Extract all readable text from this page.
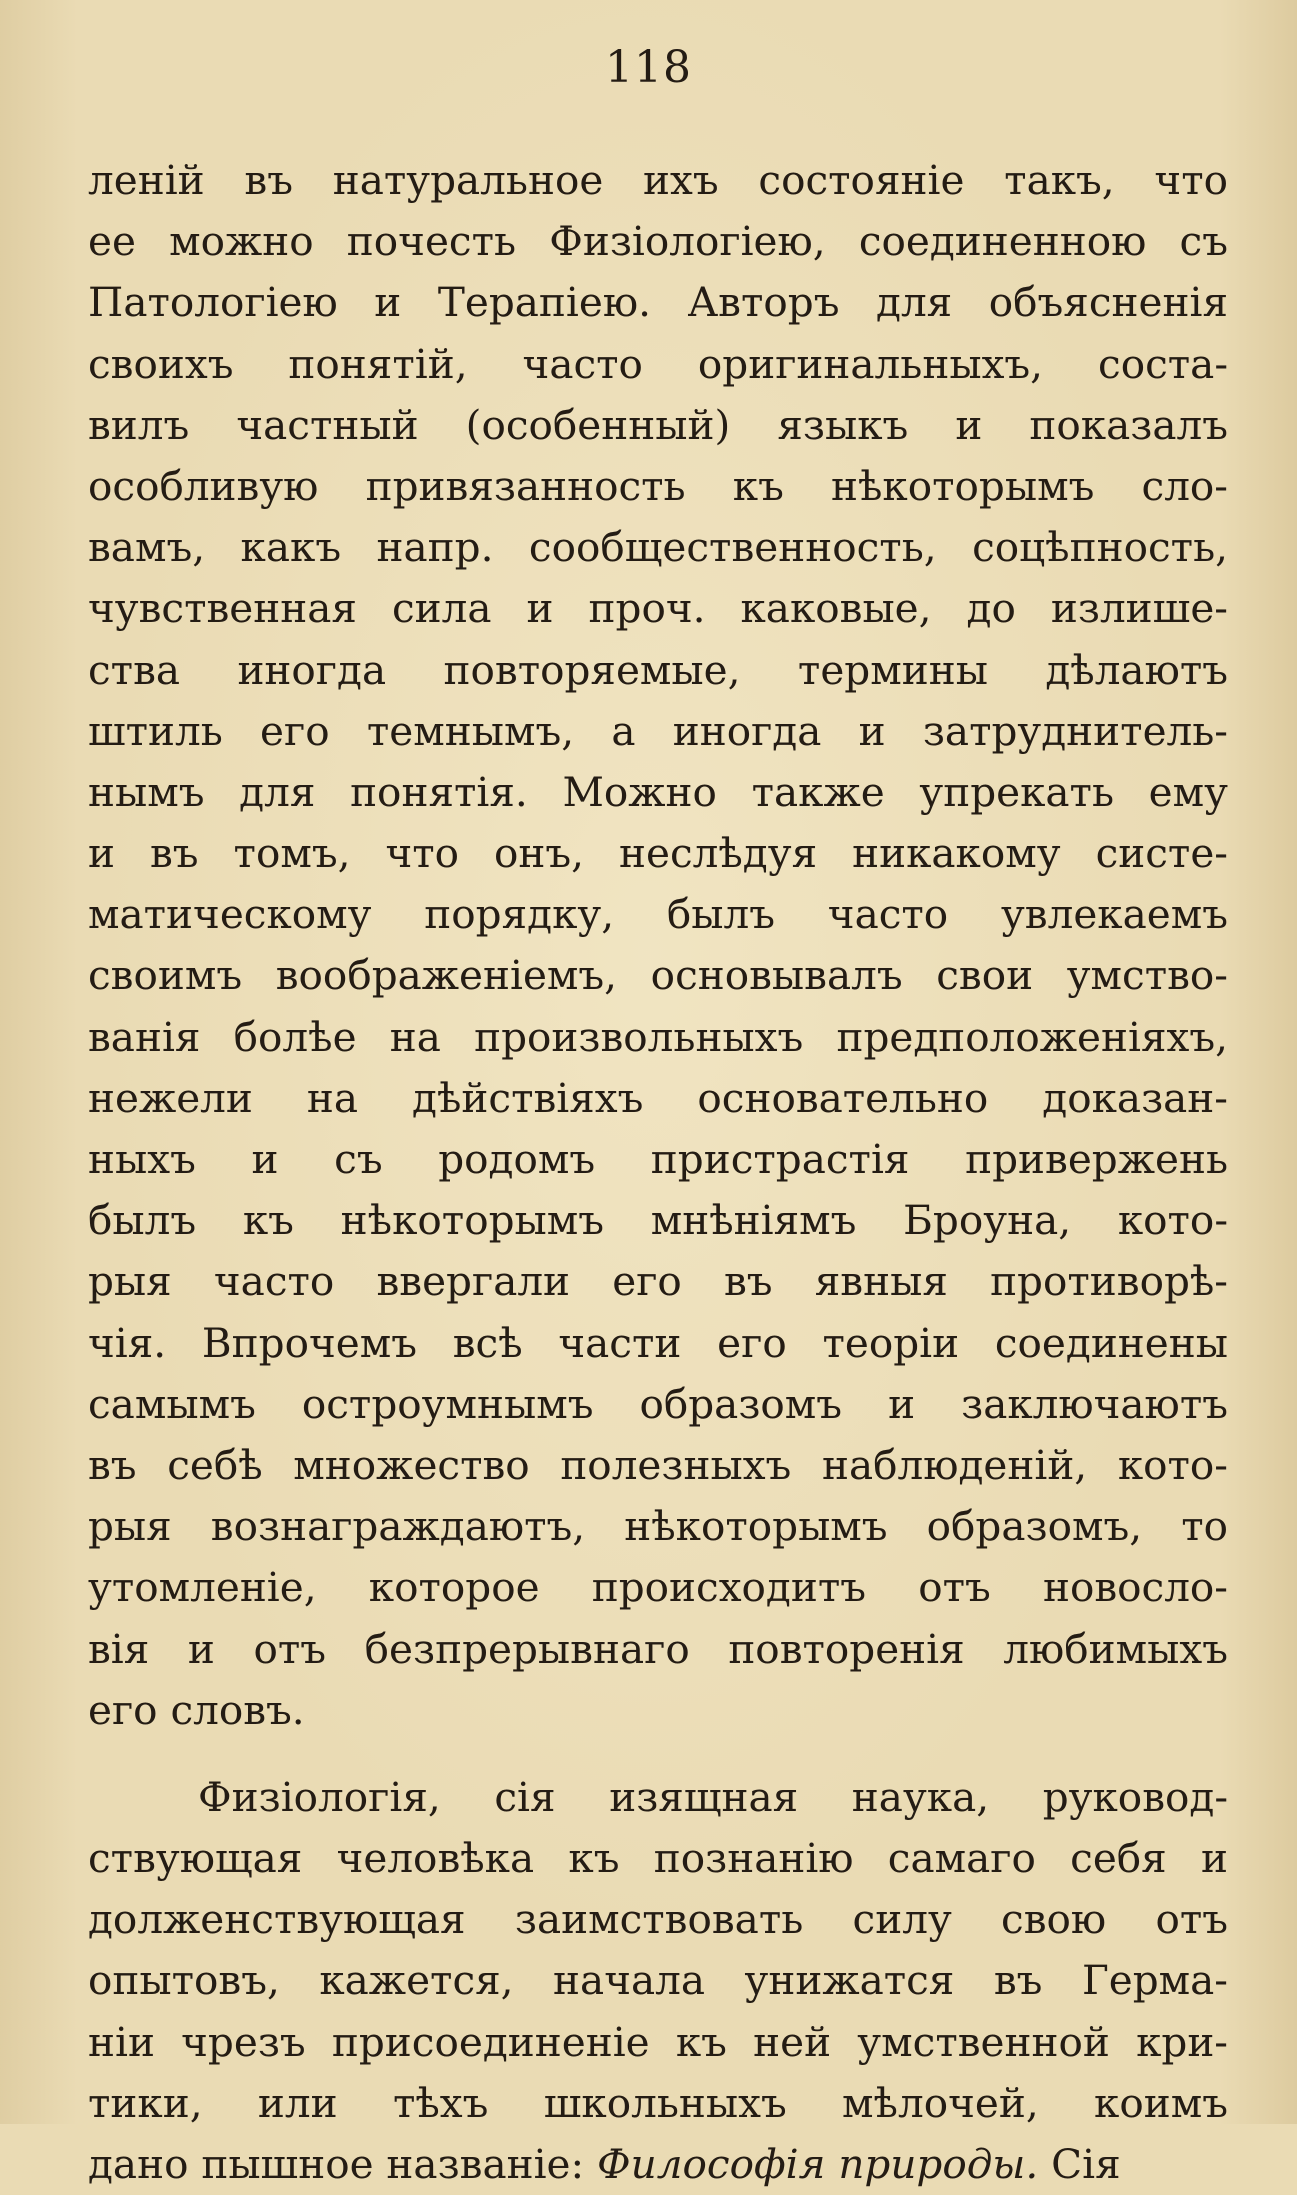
118
леній въ натуральное ихъ состояніе такъ, что
ее можно почесть Физіологіею, соединенною съ
Патологіею и Терапіею. Авторъ для объясненія
своихъ понятій, часто оригинальныхъ, соста-
вилъ частный (особенный) языкъ и показалъ
особливую привязанность къ нѣкоторымъ сло-
вамъ, какъ напр. сообщественность, соцѣпность,
чувственная сила и проч. каковые, до излише-
ства иногда повторяемые, термины дѣлаютъ
штиль его темнымъ, а иногда и затруднитель-
нымъ для понятія. Можно также упрекать ему
и въ томъ, что онъ, неслѣдуя никакому систе-
матическому порядку, былъ часто увлекаемъ
своимъ воображеніемъ, основывалъ свои умство-
ванія болѣе на произвольныхъ предположеніяхъ,
нежели на дѣйствіяхъ основательно доказан-
ныхъ и съ родомъ пристрастія привержень
былъ къ нѣкоторымъ мнѣніямъ Броуна, кото-
рыя часто ввергали его въ явныя противорѣ-
чія. Впрочемъ всѣ части его теоріи соединены
самымъ остроумнымъ образомъ и заключаютъ
въ себѣ множество полезныхъ наблюденій, кото-
рыя вознаграждаютъ, нѣкоторымъ образомъ, то
утомленіе, которое происходитъ отъ новосло-
вія и отъ безпрерывнаго повторенія любимыхъ
его словъ.
Физіологія, сія изящная наука, руковод-
ствующая человѣка къ познанію самаго себя и
долженствующая заимствовать силу свою отъ
опытовъ, кажется, начала унижатся въ Герма-
ніи чрезъ присоединеніе къ ней умственной кри-
тики, или тѣхъ школьныхъ мѣлочей, коимъ
дано пышное названіе: Философія природы. Сія
